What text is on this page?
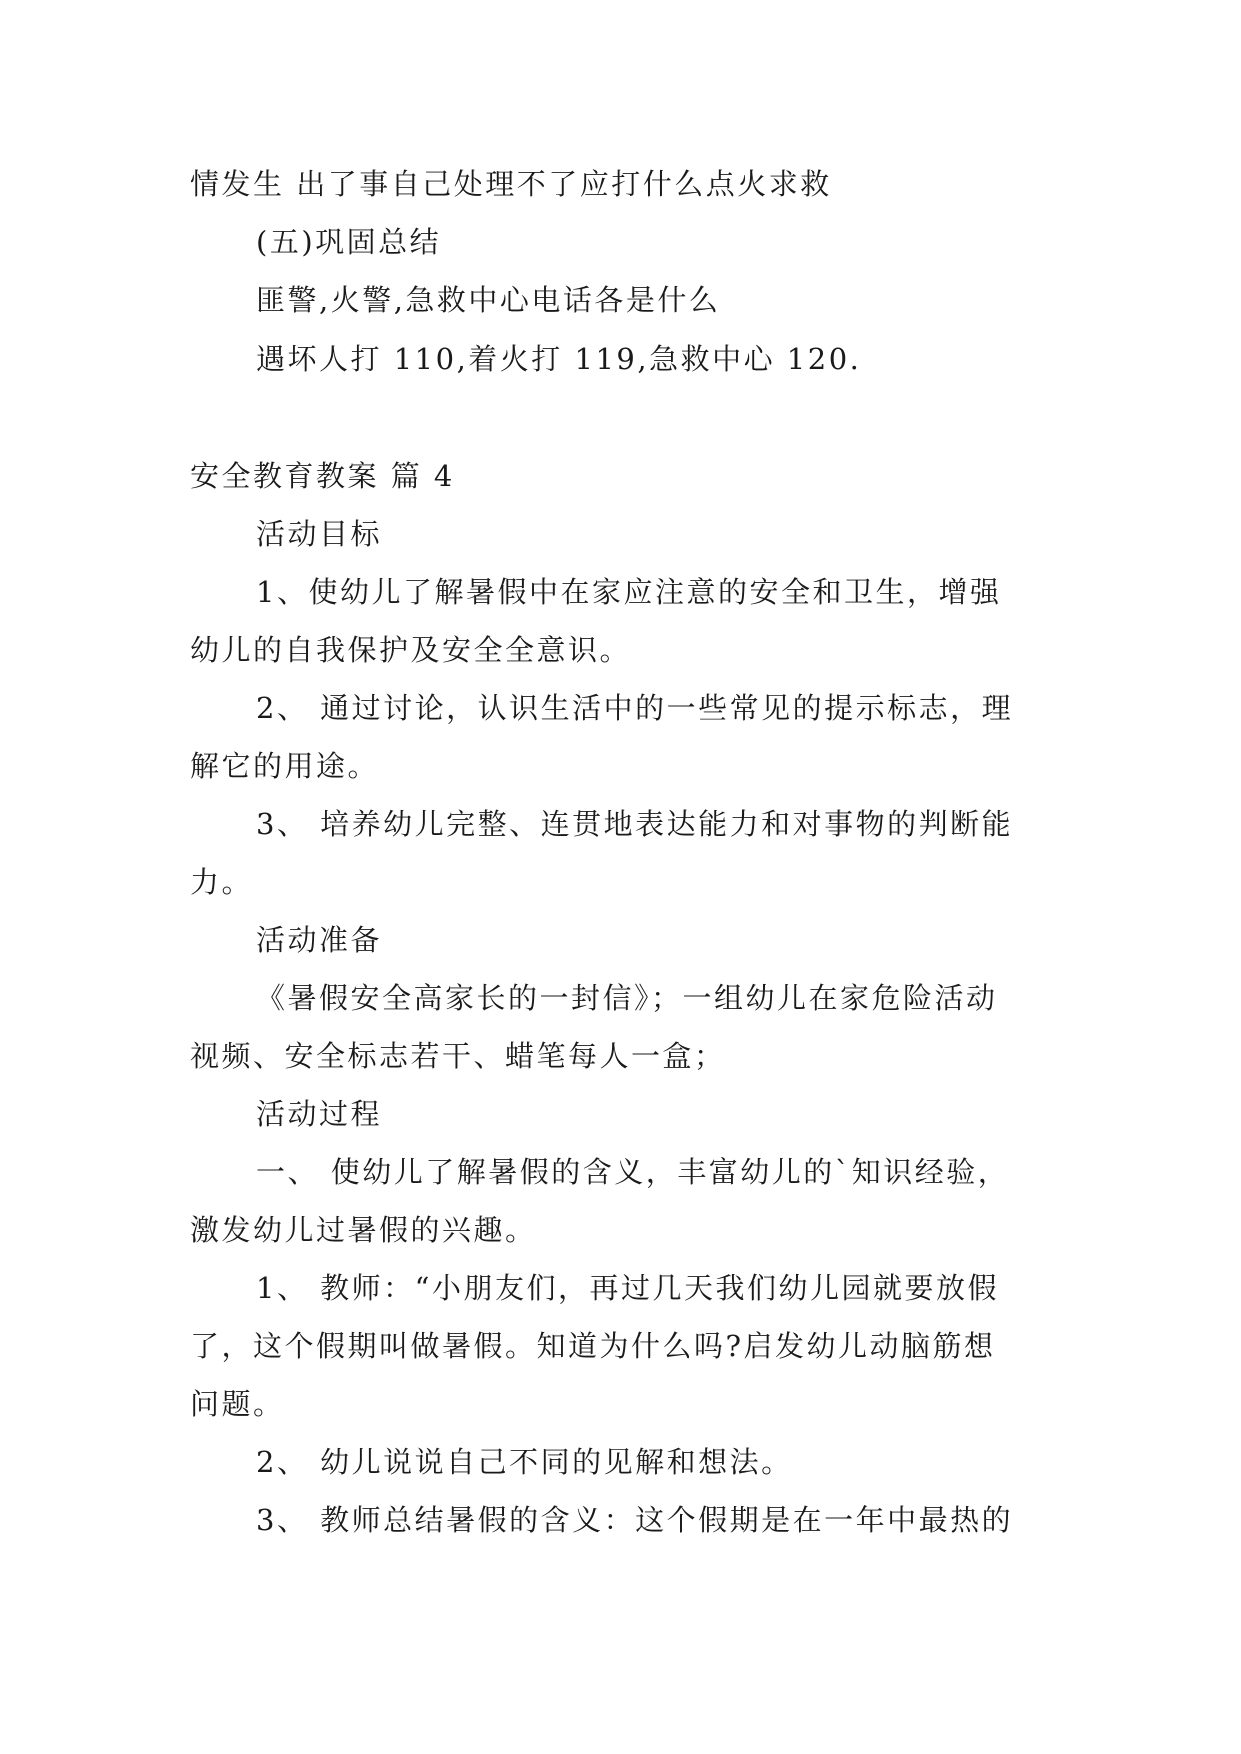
情发生 出了事自己处理不了应打什么点火求救
(五)巩固总结
匪警,火警,急救中心电话各是什么
遇坏人打 110,着火打 119,急救中心 120.
安全教育教案 篇 4
活动目标
1、使幼儿了解暑假中在家应注意的安全和卫生，增强
幼儿的自我保护及安全全意识。
2、 通过讨论，认识生活中的一些常见的提示标志，理
解它的用途。
3、 培养幼儿完整、连贯地表达能力和对事物的判断能
力。
活动准备
《暑假安全高家长的一封信》；一组幼儿在家危险活动
视频、安全标志若干、蜡笔每人一盒；
活动过程
一、 使幼儿了解暑假的含义，丰富幼儿的`知识经验，
激发幼儿过暑假的兴趣。
1、 教师：“小朋友们，再过几天我们幼儿园就要放假
了，这个假期叫做暑假。知道为什么吗?启发幼儿动脑筋想
问题。
2、 幼儿说说自己不同的见解和想法。
3、 教师总结暑假的含义：这个假期是在一年中最热的
